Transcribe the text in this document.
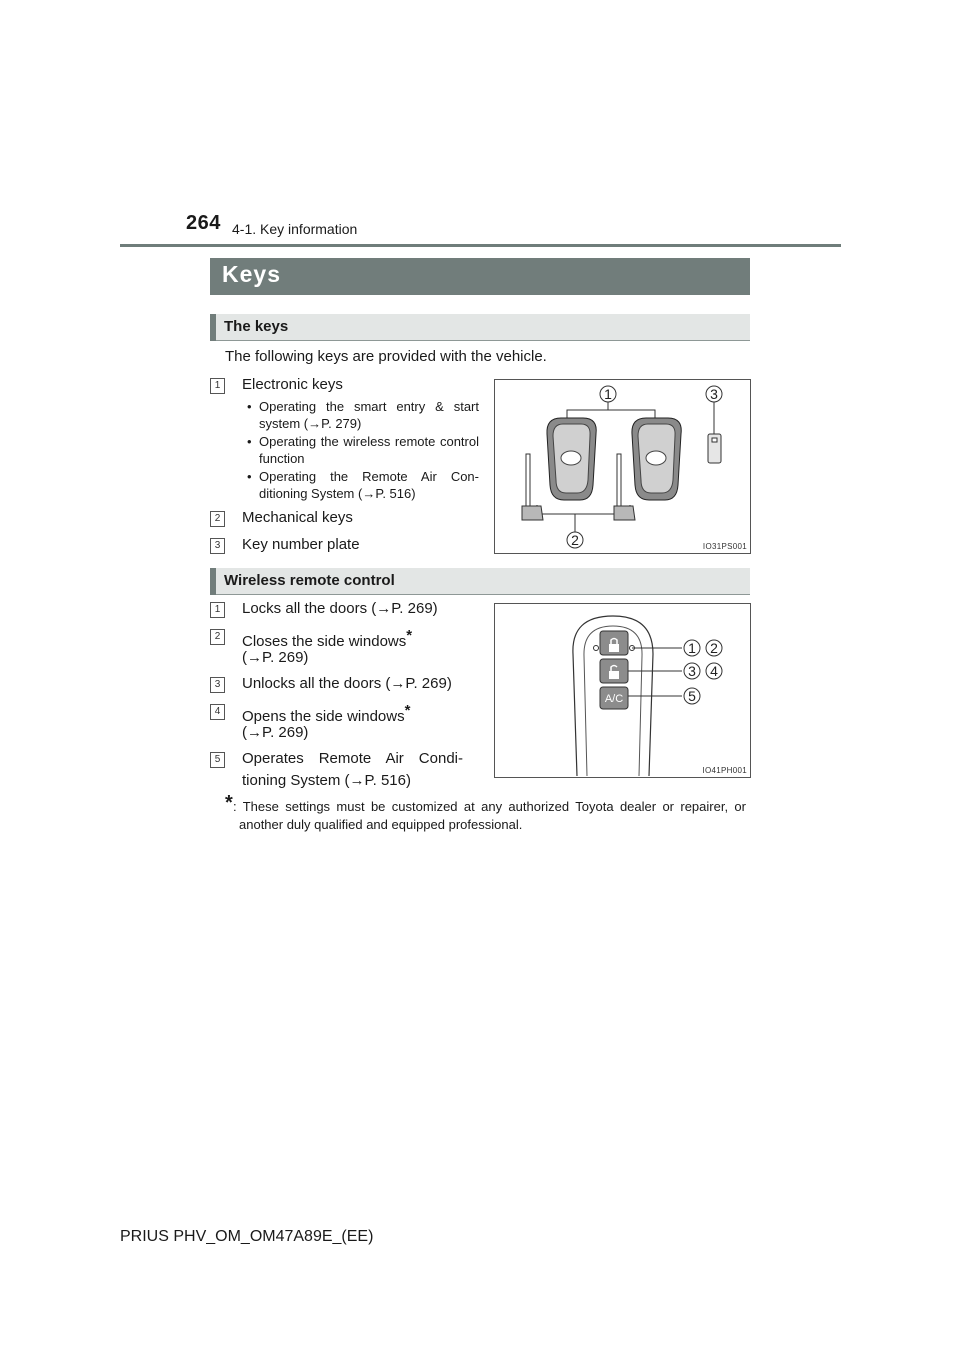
264 4-1. Key information
Keys
The keys
The following keys are provided with the vehicle.
1	Electronic keys
• Operating the smart entry & start system (→P. 279)
• Operating the wireless remote control function
• Operating the Remote Air Con-ditioning System (→P. 516)
2	Mechanical keys
3	Key number plate
1
2
3
IO31PS001
Wireless remote control
1	Locks all the doors (→P. 269)
2	Closes the side windows*
(→P. 269)
3	Unlocks all the doors (→P. 269)
4	Opens the side windows*
(→P. 269)
5	Operates Remote Air Condi-
tioning System (→P. 516)
A/C
1 2
3 4
5
IO41PH001
* : These settings must be customized at any authorized Toyota dealer or repairer, or another duly qualified and equipped professional.
PRIUS PHV_OM_OM47A89E_(EE)
